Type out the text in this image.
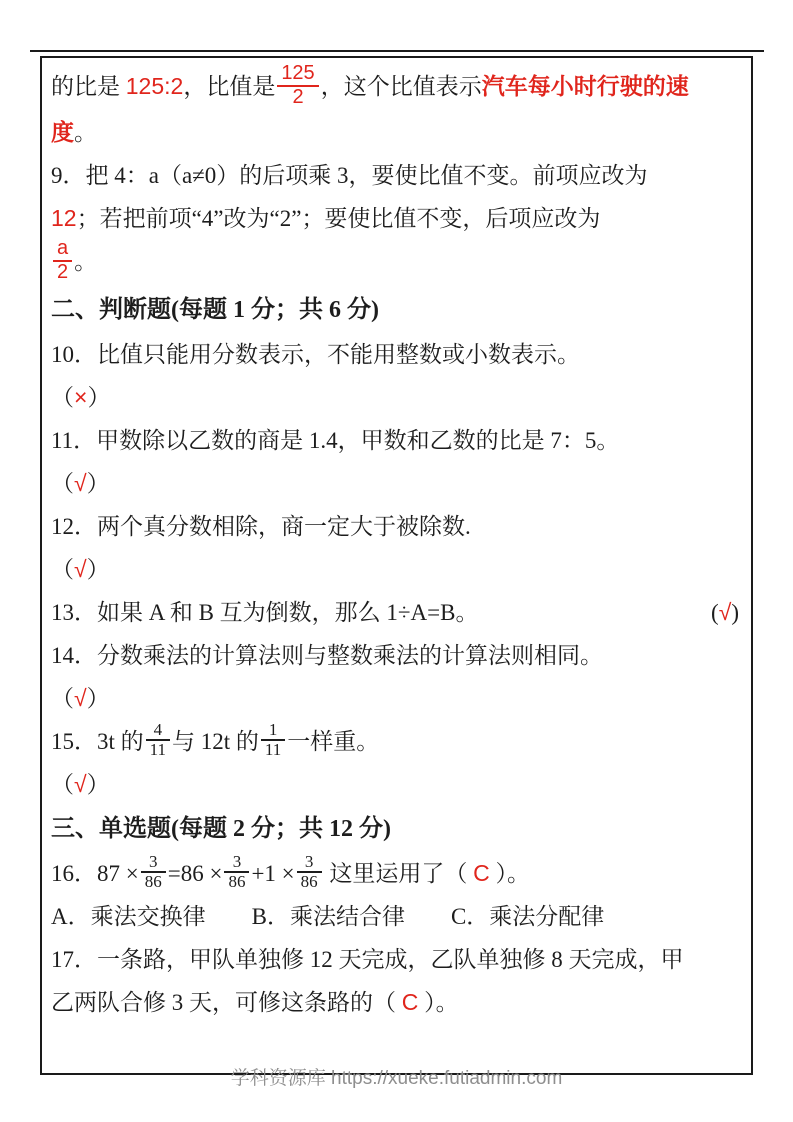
的比是 125:2，比值是 $\frac{125}{2}$ ，这个比值表示汽车每小时行驶的速

度。

9．把 4：a（a≠0）的后项乘 3，要使比值不变。前项应改为

12；若把前项“4”改为“2”；要使比值不变，后项应改为

$\frac{a}{2}$ 。

二、判断题(每题 1 分；共 6 分)

10．比值只能用分数表示，不能用整数或小数表示。

（×）

11．甲数除以乙数的商是 1.4，甲数和乙数的比是 7：5。

（√）

12．两个真分数相除，商一定大于被除数.

（√）

13．如果 A 和 B 互为倒数，那么 1÷A=B。	(√)

14．分数乘法的计算法则与整数乘法的计算法则相同。

（√）

15．3t 的 $\frac{4}{11}$ 与 12t 的 $\frac{1}{11}$ 一样重。

（√）

三、单选题(每题 2 分；共 12 分)

16．$87 \times \frac{3}{86} =86 \times \frac{3}{86} +1 \times \frac{3}{86}$ 这里运用了（ C ）。

A．乘法交换律 B．乘法结合律 C．乘法分配律

17．一条路，甲队单独修 12 天完成，乙队单独修 8 天完成，甲

乙两队合修 3 天，可修这条路的（ C ）。

学科资源库 https://xueke.futiadmin.com
